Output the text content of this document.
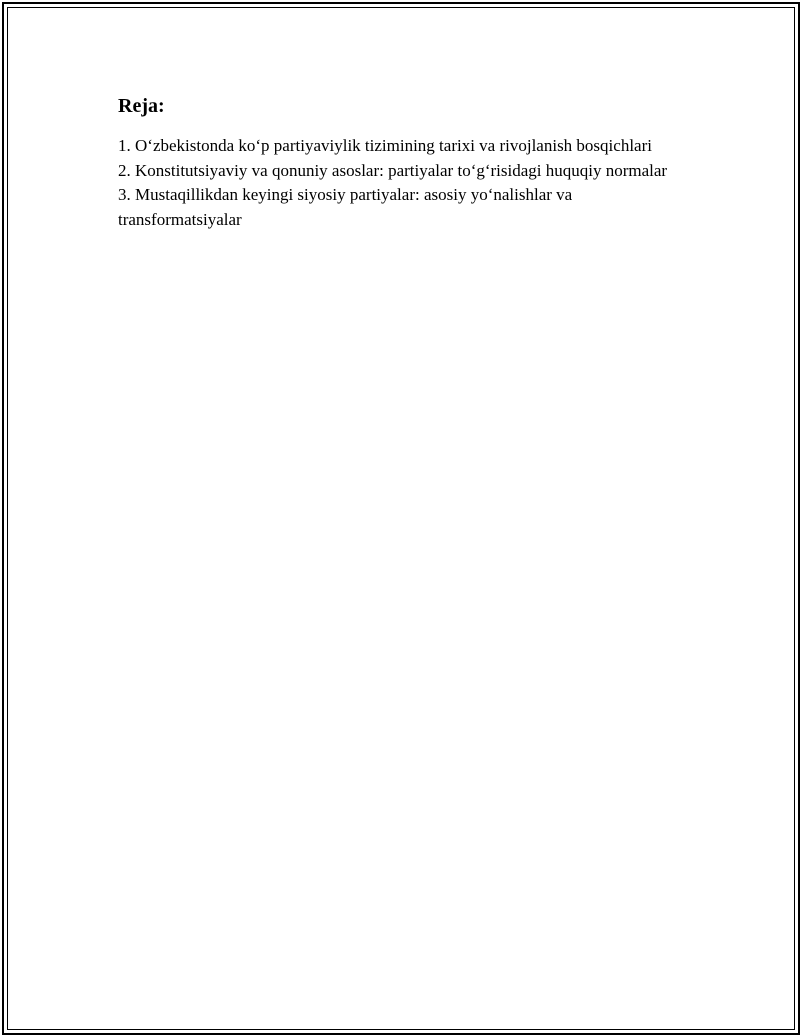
Reja:
1. O‘zbekistonda ko‘p partiyaviylik tizimining tarixi va rivojlanish bosqichlari
2. Konstitutsiyaviy va qonuniy asoslar: partiyalar to‘g‘risidagi huquqiy normalar
3. Mustaqillikdan keyingi siyosiy partiyalar: asosiy yo‘nalishlar va transformatsiyalar
